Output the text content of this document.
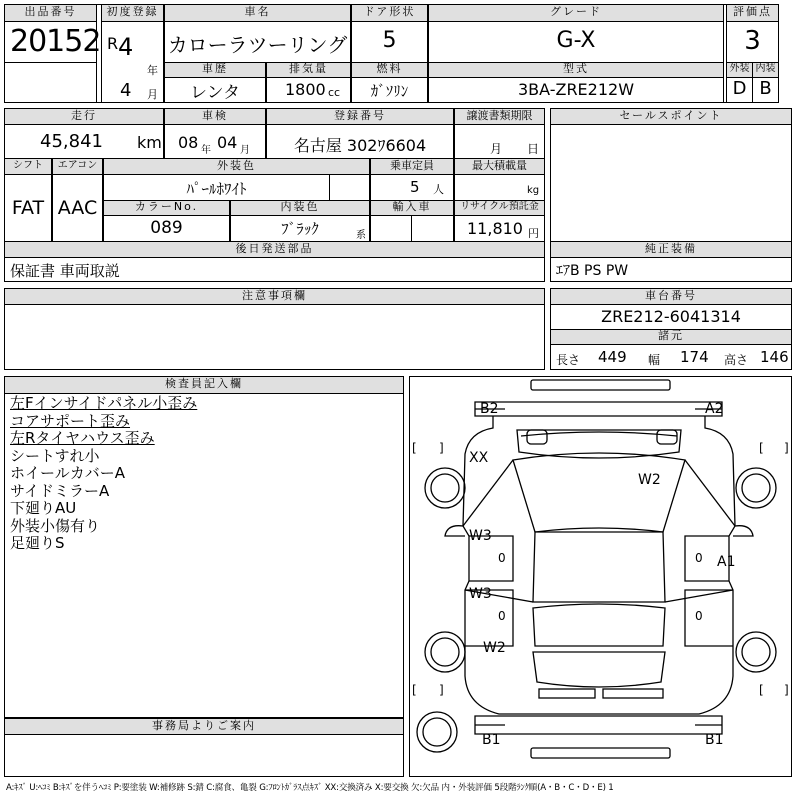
出品番号
20152
初度登録
R 4
年
4 月
車名
カローラツーリング
ドア形状
5
グレード
G-X
評価点
3
車歴
レンタ
排気量
1800 cc
燃料
ｶﾞｿﾘﾝ
型式
3BA-ZRE212W
外装 内装
D B
走行
45,841 km
車検
08 年 04 月
登録番号
名古屋 302ﾜ6604
譲渡書類期限
月 日
シフト
FAT
エアコン
AAC
外装色
ﾊﾟｰﾙﾎﾜｲﾄ
乗車定員
5 人
最大積載量
kg
カラーNo.
089
内装色
ﾌﾞﾗｯｸ	系
輸入車	リサイクル預託金
11,810 円
後日発送部品
保証書 車両取説
セールスポイント
純正装備
ｴｱB PS PW
注意事項欄	車台番号
ZRE212-6041314
諸元
長さ 449 幅 174 高さ 146
検査員記入欄
左Fインサイドパネル小歪み
コアサポート歪み
左Rタイヤハウス歪み
シートすれ小
ホイールカバーA
サイドミラーA
下廻りAU
外装小傷有り
足廻りS
事務局よりご案内
B2	A2
XX
W2
W3
W3
A1
W2
B1	B1
[ ]	[ ]
[ ]	[ ]
0
0
0
0
A:ｷｽﾞ U:ﾍｺﾐ B:ｷｽﾞを伴うﾍｺﾐ P:要塗装 W:補修跡 S:錆 C:腐食、亀裂 G:ﾌﾛﾝﾄｶﾞﾗｽ点ｷｽﾞ XX:交換済み X:要交換 欠:欠品 内・外装評価 5段階ﾗﾝｸ順(A・B・C・D・E) 1
